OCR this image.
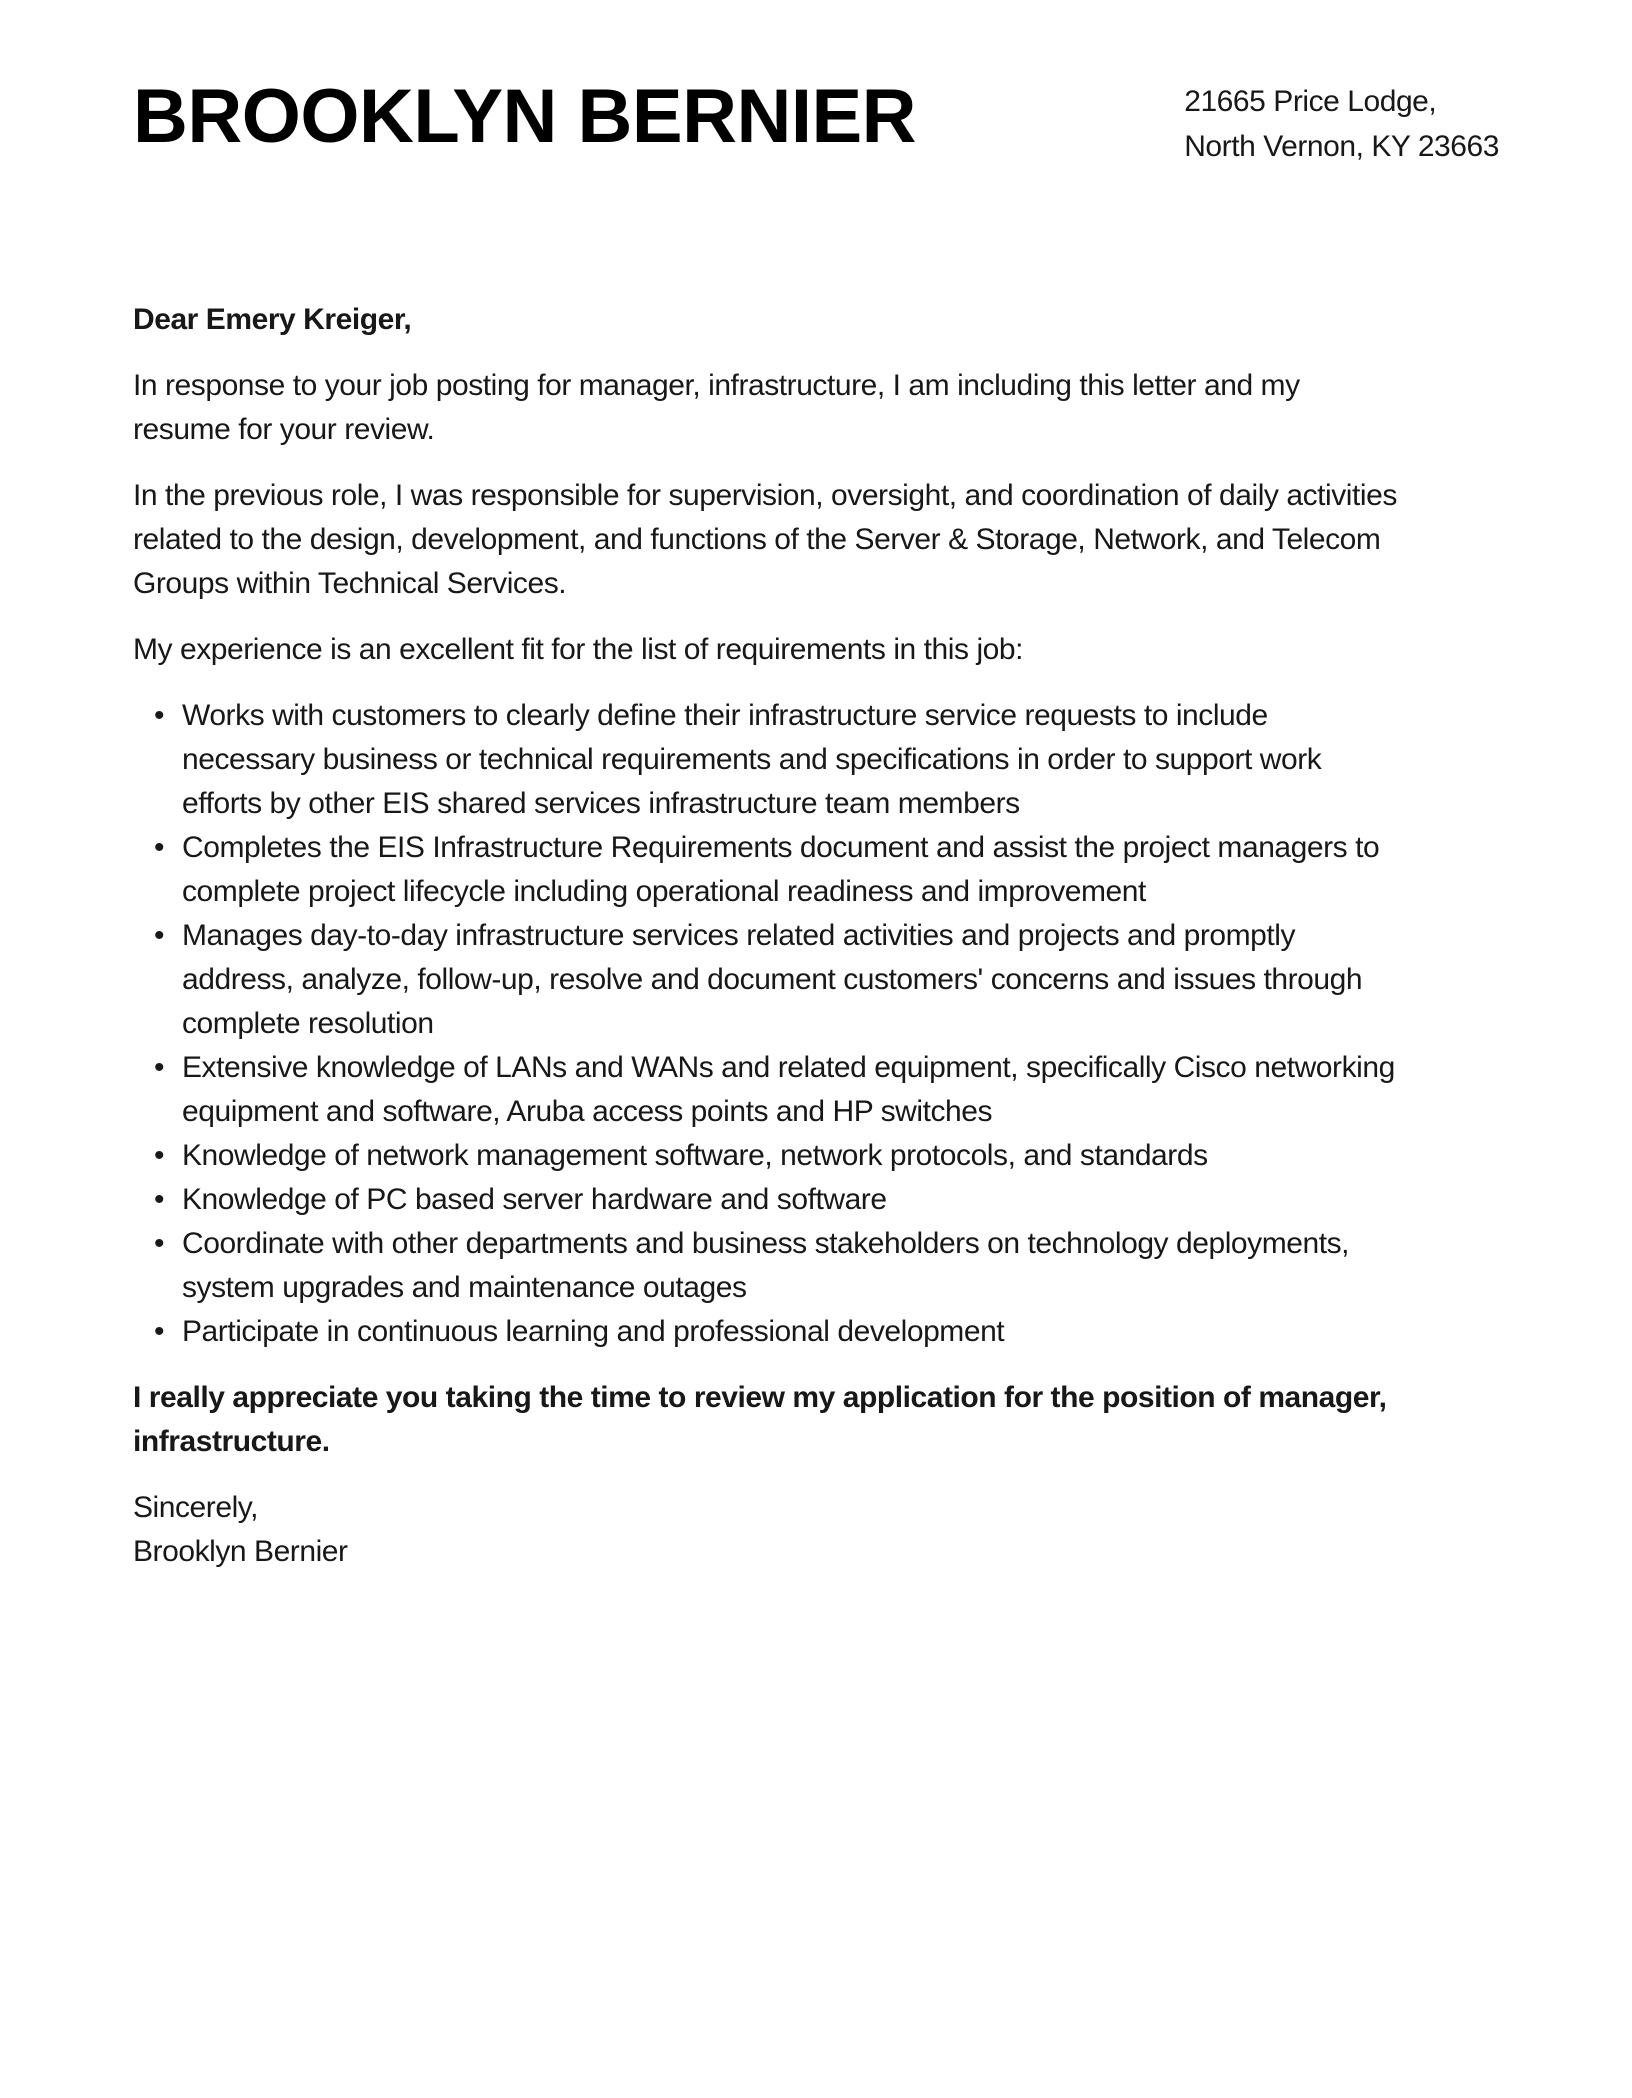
BROOKLYN BERNIER	21665 Price Lodge,
North Vernon, KY 23663
Dear Emery Kreiger,
In response to your job posting for manager, infrastructure, I am including this letter and my
resume for your review.
In the previous role, I was responsible for supervision, oversight, and coordination of daily activities
related to the design, development, and functions of the Server & Storage, Network, and Telecom
Groups within Technical Services.
My experience is an excellent fit for the list of requirements in this job:
• Works with customers to clearly define their infrastructure service requests to include
necessary business or technical requirements and specifications in order to support work
efforts by other EIS shared services infrastructure team members
• Completes the EIS Infrastructure Requirements document and assist the project managers to
complete project lifecycle including operational readiness and improvement
• Manages day-to-day infrastructure services related activities and projects and promptly
address, analyze, follow-up, resolve and document customers' concerns and issues through
complete resolution
• Extensive knowledge of LANs and WANs and related equipment, specifically Cisco networking
equipment and software, Aruba access points and HP switches
• Knowledge of network management software, network protocols, and standards
• Knowledge of PC based server hardware and software
• Coordinate with other departments and business stakeholders on technology deployments,
system upgrades and maintenance outages
• Participate in continuous learning and professional development
I really appreciate you taking the time to review my application for the position of manager,
infrastructure.
Sincerely,
Brooklyn Bernier
